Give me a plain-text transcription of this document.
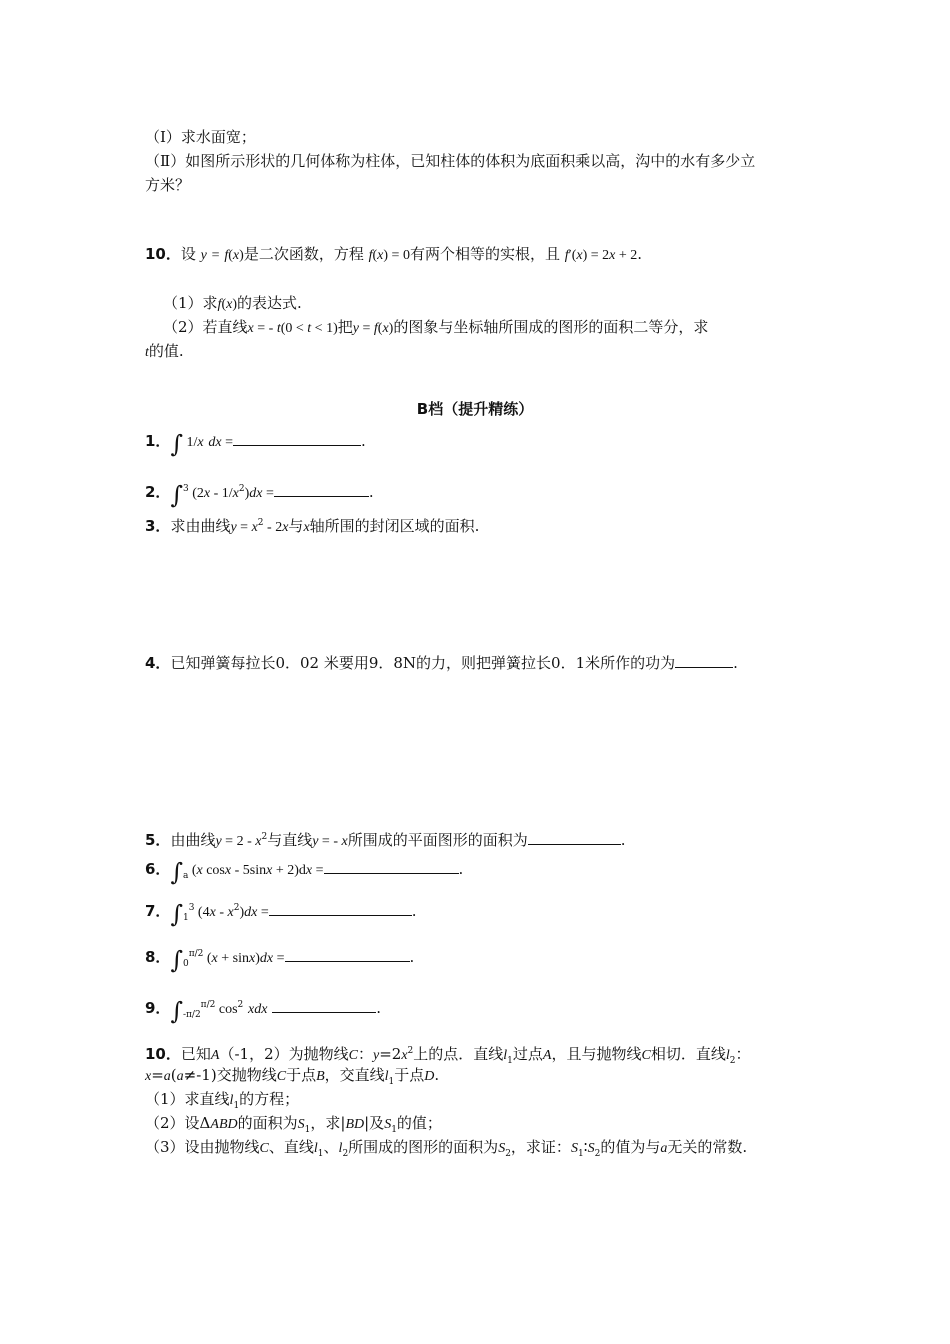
（Ⅰ）求水面宽；
（Ⅱ）如图所示形状的几何体称为柱体，已知柱体的体积为底面积乘以高，沟中的水有多少立
方米？
10．设 y = f(x)是二次函数，方程 f(x) = 0有两个相等的实根，且 f′(x) = 2x + 2.
（1）求f(x)的表达式.
（2）若直线x = - t(0 < t < 1)把y = f(x)的图象与坐标轴所围成的图形的面积二等分，求
t的值.
B档（提升精练）
1．∫ 1/x dx =	.
2．∫$^3$ $(2x - 1/x^2)dx$ =	.
3．求由曲线$y = x^2 - 2x$与x轴所围的封闭区域的面积.
4．已知弹簧每拉长0．02 米要用9．8N的力，则把弹簧拉长0．1米所作的功为	.
5．由曲线$y = 2 - x^2$与直线y = - x所围成的平面图形的面积为	.
6．$\int_a$ (x cosx - 5sinx + 2)dx =	.
7．$\int_1^3$ $(4x - x^2)dx$ =	.
8．$\int_0^{\pi/2}$ (x + sinx)dx =	.
9．$\int_{-\pi/2}^{\pi/2}$ $\cos^2$ xdx	.
10．已知A（-1，2）为抛物线C：$y=2x^2$上的点．直线$l_1$过点A，且与抛物线C相切．直线$l_2$：
x=a(a≠-1)交抛物线C于点B，交直线$l_1$于点D.
（1）求直线$l_1$的方程；
（2）设ΔABD的面积为$S_1$，求|BD|及$S_1$的值；
（3）设由抛物线C、直线$l_1$、$l_2$所围成的图形的面积为$S_2$，求证：$S_1∶S_2$的值为与a无关的常数.
